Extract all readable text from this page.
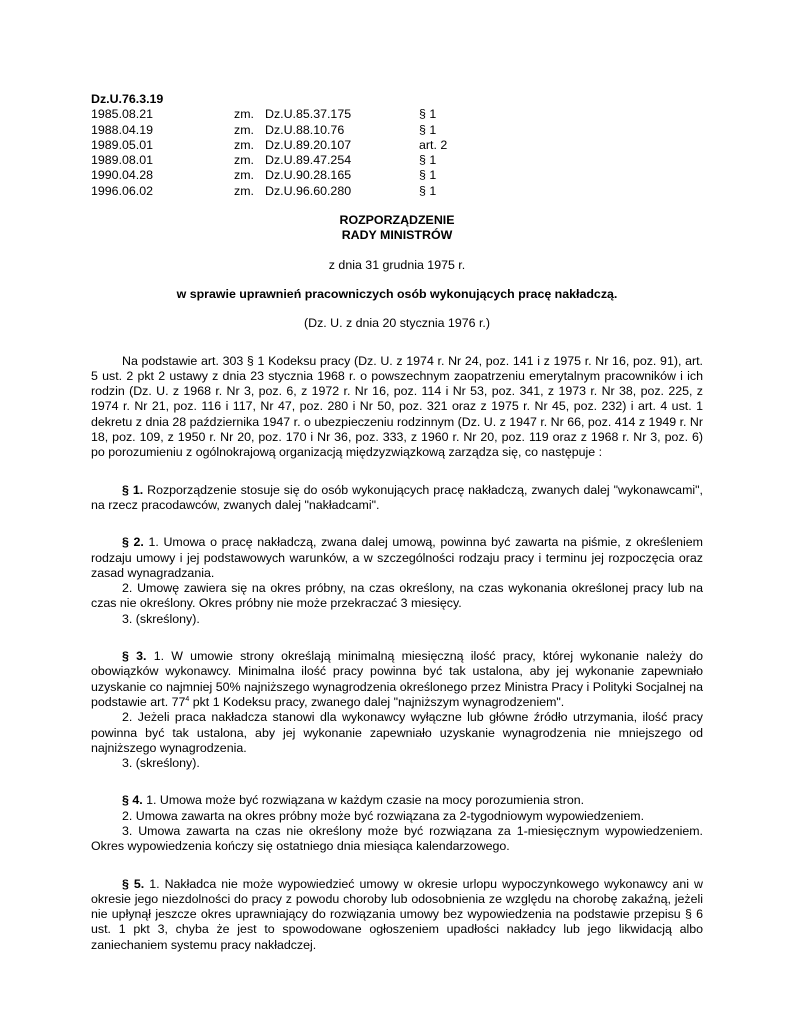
Dz.U.76.3.19
1985.08.21	zm.	Dz.U.85.37.175	§ 1
1988.04.19	zm.	Dz.U.88.10.76	§ 1
1989.05.01	zm.	Dz.U.89.20.107	art. 2
1989.08.01	zm.	Dz.U.89.47.254	§ 1
1990.04.28	zm.	Dz.U.90.28.165	§ 1
1996.06.02	zm.	Dz.U.96.60.280	§ 1
ROZPORZĄDZENIE
RADY MINISTRÓW
z dnia 31 grudnia 1975 r.
w sprawie uprawnień pracowniczych osób wykonujących pracę nakładczą.
(Dz. U. z dnia 20 stycznia 1976 r.)

Na podstawie art. 303 § 1 Kodeksu pracy (Dz. U. z 1974 r. Nr 24, poz. 141 i z 1975 r. Nr 16, poz. 91), art. 5 ust. 2 pkt 2 ustawy z dnia 23 stycznia 1968 r. o powszechnym zaopatrzeniu emerytalnym pracowników i ich rodzin (Dz. U. z 1968 r. Nr 3, poz. 6, z 1972 r. Nr 16, poz. 114 i Nr 53, poz. 341, z 1973 r. Nr 38, poz. 225, z 1974 r. Nr 21, poz. 116 i 117, Nr 47, poz. 280 i Nr 50, poz. 321 oraz z 1975 r. Nr 45, poz. 232) i art. 4 ust. 1 dekretu z dnia 28 października 1947 r. o ubezpieczeniu rodzinnym (Dz. U. z 1947 r. Nr 66, poz. 414 z 1949 r. Nr 18, poz. 109, z 1950 r. Nr 20, poz. 170 i Nr 36, poz. 333, z 1960 r. Nr 20, poz. 119 oraz z 1968 r. Nr 3, poz. 6) po porozumieniu z ogólnokrajową organizacją międzyzwiązkową zarządza się, co następuje :

§ 1. Rozporządzenie stosuje się do osób wykonujących pracę nakładczą, zwanych dalej "wykonawcami", na rzecz pracodawców, zwanych dalej "nakładcami".

§ 2. 1. Umowa o pracę nakładczą, zwana dalej umową, powinna być zawarta na piśmie, z określeniem rodzaju umowy i jej podstawowych warunków, a w szczególności rodzaju pracy i terminu jej rozpoczęcia oraz zasad wynagradzania.

2. Umowę zawiera się na okres próbny, na czas określony, na czas wykonania określonej pracy lub na czas nie określony. Okres próbny nie może przekraczać 3 miesięcy.

3. (skreślony).

§ 3. 1. W umowie strony określają minimalną miesięczną ilość pracy, której wykonanie należy do obowiązków wykonawcy. Minimalna ilość pracy powinna być tak ustalona, aby jej wykonanie zapewniało uzyskanie co najmniej 50% najniższego wynagrodzenia określonego przez Ministra Pracy i Polityki Socjalnej na podstawie art. $77^4$ pkt 1 Kodeksu pracy, zwanego dalej "najniższym wynagrodzeniem".

2. Jeżeli praca nakładcza stanowi dla wykonawcy wyłączne lub główne źródło utrzymania, ilość pracy powinna być tak ustalona, aby jej wykonanie zapewniało uzyskanie wynagrodzenia nie mniejszego od najniższego wynagrodzenia.

3. (skreślony).

§ 4. 1. Umowa może być rozwiązana w każdym czasie na mocy porozumienia stron.

2. Umowa zawarta na okres próbny może być rozwiązana za 2-tygodniowym wypowiedzeniem.

3. Umowa zawarta na czas nie określony może być rozwiązana za 1-miesięcznym wypowiedzeniem. Okres wypowiedzenia kończy się ostatniego dnia miesiąca kalendarzowego.

§ 5. 1. Nakładca nie może wypowiedzieć umowy w okresie urlopu wypoczynkowego wykonawcy ani w okresie jego niezdolności do pracy z powodu choroby lub odosobnienia ze względu na chorobę zakaźną, jeżeli nie upłynął jeszcze okres uprawniający do rozwiązania umowy bez wypowiedzenia na podstawie przepisu § 6 ust. 1 pkt 3, chyba że jest to spowodowane ogłoszeniem upadłości nakładcy lub jego likwidacją albo zaniechaniem systemu pracy nakładczej.
